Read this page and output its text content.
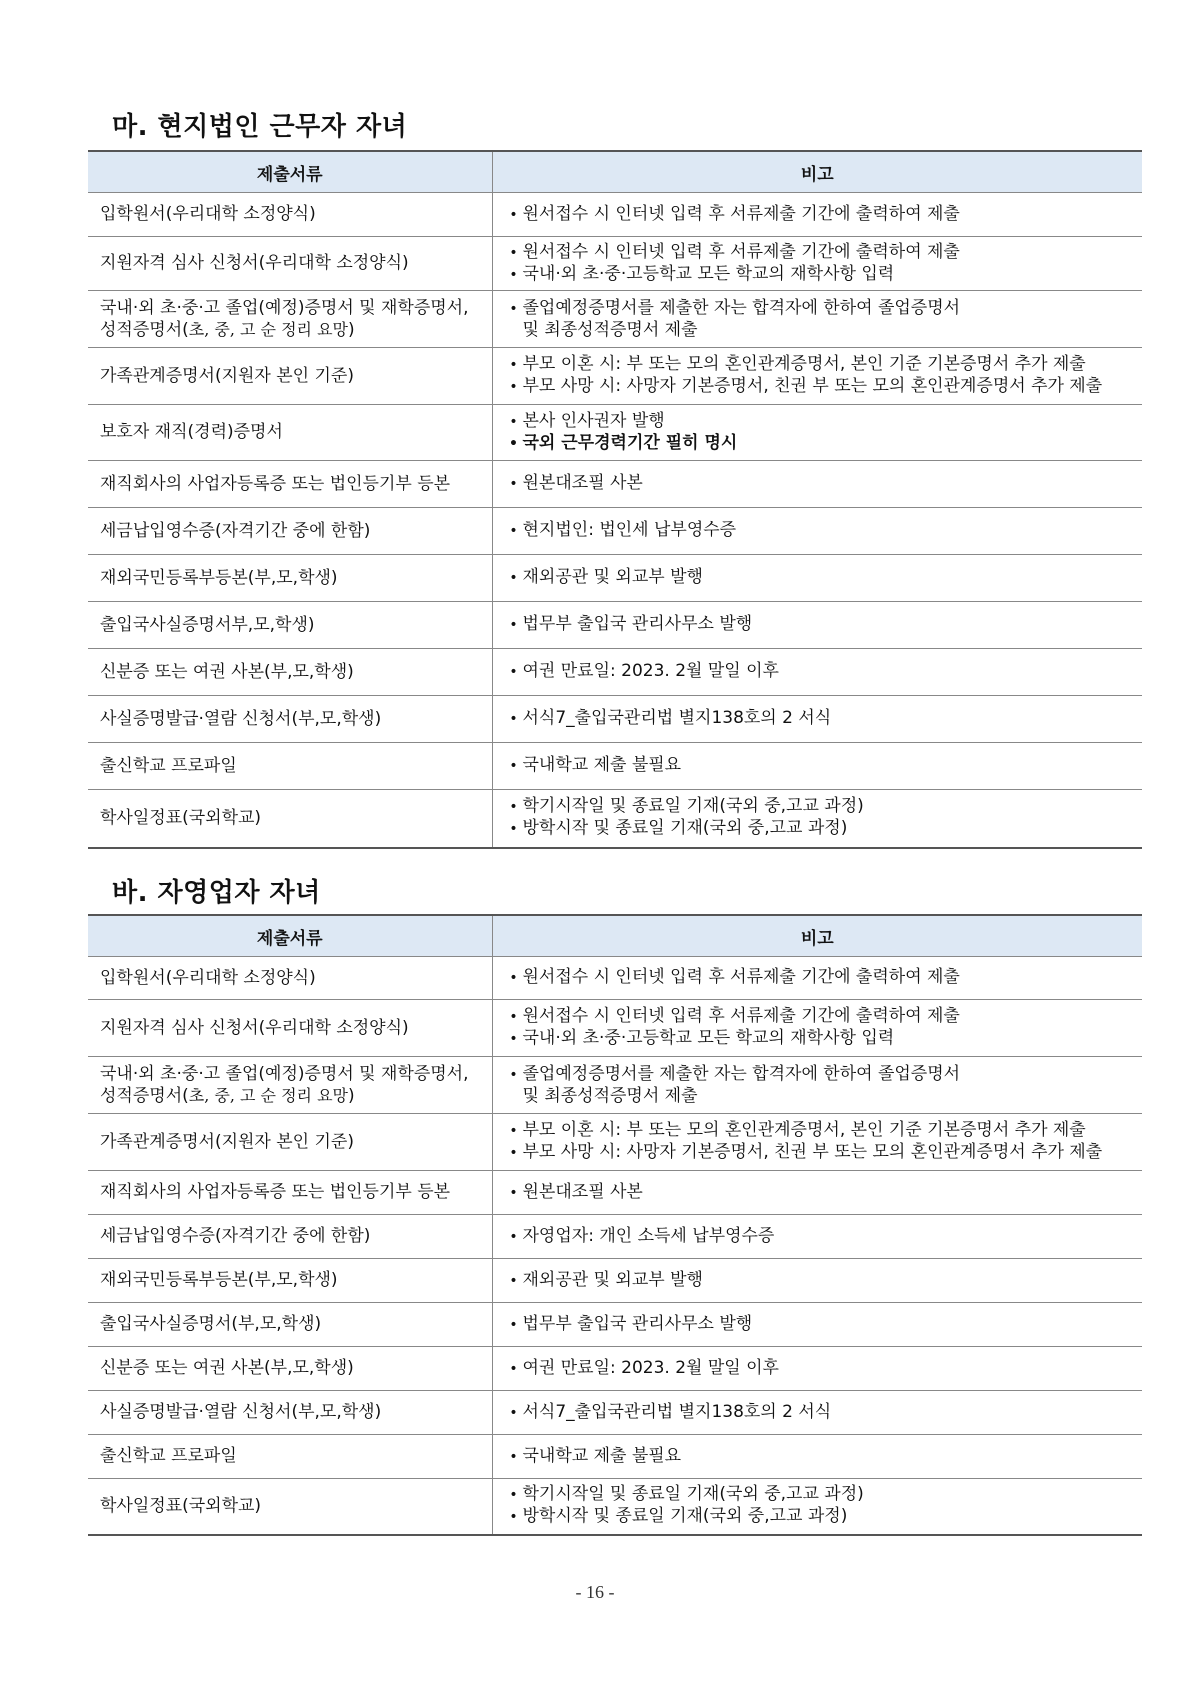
마. 현지법인 근무자 자녀
제출서류	비고
입학원서(우리대학 소정양식)	• 원서접수 시 인터넷 입력 후 서류제출 기간에 출력하여 제출

지원자격 심사 신청서(우리대학 소정양식)	• 원서접수 시 인터넷 입력 후 서류제출 기간에 출력하여 제출
• 국내·외 초·중·고등학교 모든 학교의 재학사항 입력

국내·외 초·중·고 졸업(예정)증명서 및 재학증명서,
성적증명서(초, 중, 고 순 정리 요망)	• 졸업예정증명서를 제출한 자는 합격자에 한하여 졸업증명서
및 최종성적증명서 제출

가족관계증명서(지원자 본인 기준)	• 부모 이혼 시: 부 또는 모의 혼인관계증명서, 본인 기준 기본증명서 추가 제출
• 부모 사망 시: 사망자 기본증명서, 친권 부 또는 모의 혼인관계증명서 추가 제출

보호자 재직(경력)증명서	• 본사 인사권자 발행
• 국외 근무경력기간 필히 명시

재직회사의 사업자등록증 또는 법인등기부 등본	• 원본대조필 사본

세금납입영수증(자격기간 중에 한함)	• 현지법인: 법인세 납부영수증

재외국민등록부등본(부,모,학생)	• 재외공관 및 외교부 발행

출입국사실증명서부,모,학생)	• 법무부 출입국 관리사무소 발행

신분증 또는 여권 사본(부,모,학생)	• 여권 만료일: 2023. 2월 말일 이후

사실증명발급·열람 신청서(부,모,학생)	• 서식7_출입국관리법 별지138호의 2 서식

출신학교 프로파일	• 국내학교 제출 불필요

학사일정표(국외학교)	• 학기시작일 및 종료일 기재(국외 중,고교 과정)
• 방학시작 및 종료일 기재(국외 중,고교 과정)
바. 자영업자 자녀
제출서류	비고
입학원서(우리대학 소정양식)	• 원서접수 시 인터넷 입력 후 서류제출 기간에 출력하여 제출

지원자격 심사 신청서(우리대학 소정양식)	• 원서접수 시 인터넷 입력 후 서류제출 기간에 출력하여 제출
• 국내·외 초·중·고등학교 모든 학교의 재학사항 입력

국내·외 초·중·고 졸업(예정)증명서 및 재학증명서,
성적증명서(초, 중, 고 순 정리 요망)	• 졸업예정증명서를 제출한 자는 합격자에 한하여 졸업증명서
및 최종성적증명서 제출

가족관계증명서(지원자 본인 기준)	• 부모 이혼 시: 부 또는 모의 혼인관계증명서, 본인 기준 기본증명서 추가 제출
• 부모 사망 시: 사망자 기본증명서, 친권 부 또는 모의 혼인관계증명서 추가 제출

재직회사의 사업자등록증 또는 법인등기부 등본	• 원본대조필 사본

세금납입영수증(자격기간 중에 한함)	• 자영업자: 개인 소득세 납부영수증

재외국민등록부등본(부,모,학생)	• 재외공관 및 외교부 발행

출입국사실증명서(부,모,학생)	• 법무부 출입국 관리사무소 발행

신분증 또는 여권 사본(부,모,학생)	• 여권 만료일: 2023. 2월 말일 이후

사실증명발급·열람 신청서(부,모,학생)	• 서식7_출입국관리법 별지138호의 2 서식

출신학교 프로파일	• 국내학교 제출 불필요

학사일정표(국외학교)	• 학기시작일 및 종료일 기재(국외 중,고교 과정)
• 방학시작 및 종료일 기재(국외 중,고교 과정)
- 16 -
